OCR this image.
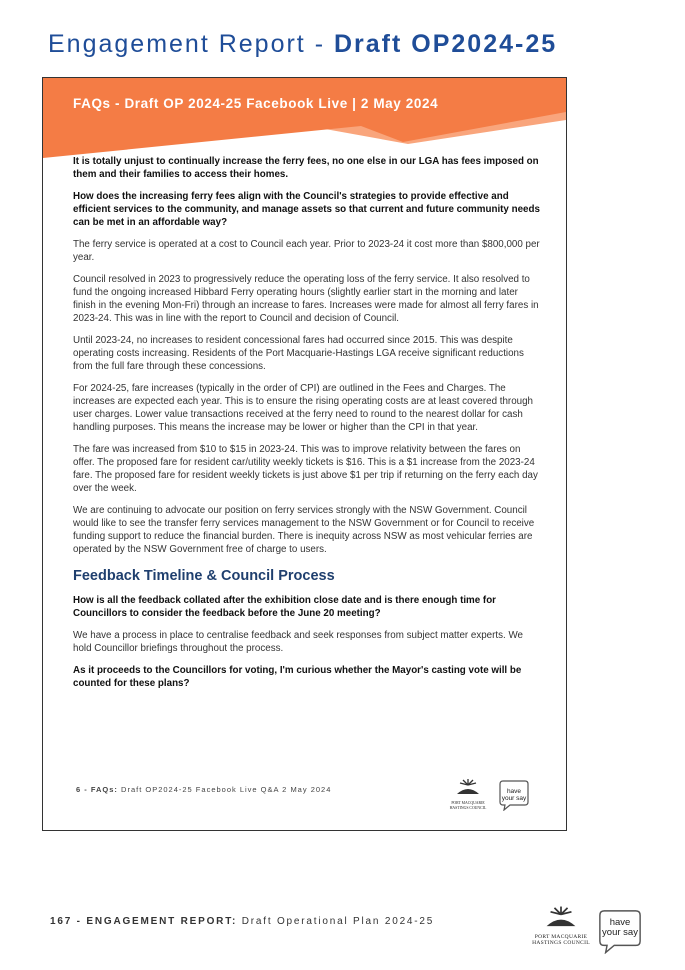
Engagement Report - Draft OP2024-25
FAQs - Draft OP 2024-25 Facebook Live | 2 May 2024

It is totally unjust to continually increase the ferry fees, no one else in our LGA has fees imposed on them and their families to access their homes.

How does the increasing ferry fees align with the Council's strategies to provide effective and efficient services to the community, and manage assets so that current and future community needs can be met in an affordable way?

The ferry service is operated at a cost to Council each year. Prior to 2023-24 it cost more than $800,000 per year.

Council resolved in 2023 to progressively reduce the operating loss of the ferry service. It also resolved to fund the ongoing increased Hibbard Ferry operating hours (slightly earlier start in the morning and later finish in the evening Mon-Fri) through an increase to fares. Increases were made for almost all ferry fares in 2023-24. This was in line with the report to Council and decision of Council.

Until 2023-24, no increases to resident concessional fares had occurred since 2015. This was despite operating costs increasing. Residents of the Port Macquarie-Hastings LGA receive significant reductions from the full fare through these concessions.

For 2024-25, fare increases (typically in the order of CPI) are outlined in the Fees and Charges. The increases are expected each year. This is to ensure the rising operating costs are at least covered through user charges. Lower value transactions received at the ferry need to round to the nearest dollar for cash handling purposes. This means the increase may be lower or higher than the CPI in that year.

The fare was increased from $10 to $15 in 2023-24. This was to improve relativity between the fares on offer. The proposed fare for resident car/utility weekly tickets is $16. This is a $1 increase from the 2023-24 fare. The proposed fare for resident weekly tickets is just above $1 per trip if returning on the ferry each day over the week.

We are continuing to advocate our position on ferry services strongly with the NSW Government. Council would like to see the transfer ferry services management to the NSW Government or for Council to receive funding support to reduce the financial burden. There is inequity across NSW as most vehicular ferries are operated by the NSW Government free of charge to users.

Feedback Timeline & Council Process

How is all the feedback collated after the exhibition close date and is there enough time for Councillors to consider the feedback before the June 20 meeting?

We have a process in place to centralise feedback and seek responses from subject matter experts. We hold Councillor briefings throughout the process.

As it proceeds to the Councillors for voting, I'm curious whether the Mayor's casting vote will be counted for these plans?

6 - FAQs: Draft OP2024-25 Facebook Live Q&A 2 May 2024
PORT MACQUARIE
HASTINGS COUNCIL
have
your say
167 - ENGAGEMENT REPORT: Draft Operational Plan 2024-25
PORT MACQUARIE
HASTINGS COUNCIL
have
your say
